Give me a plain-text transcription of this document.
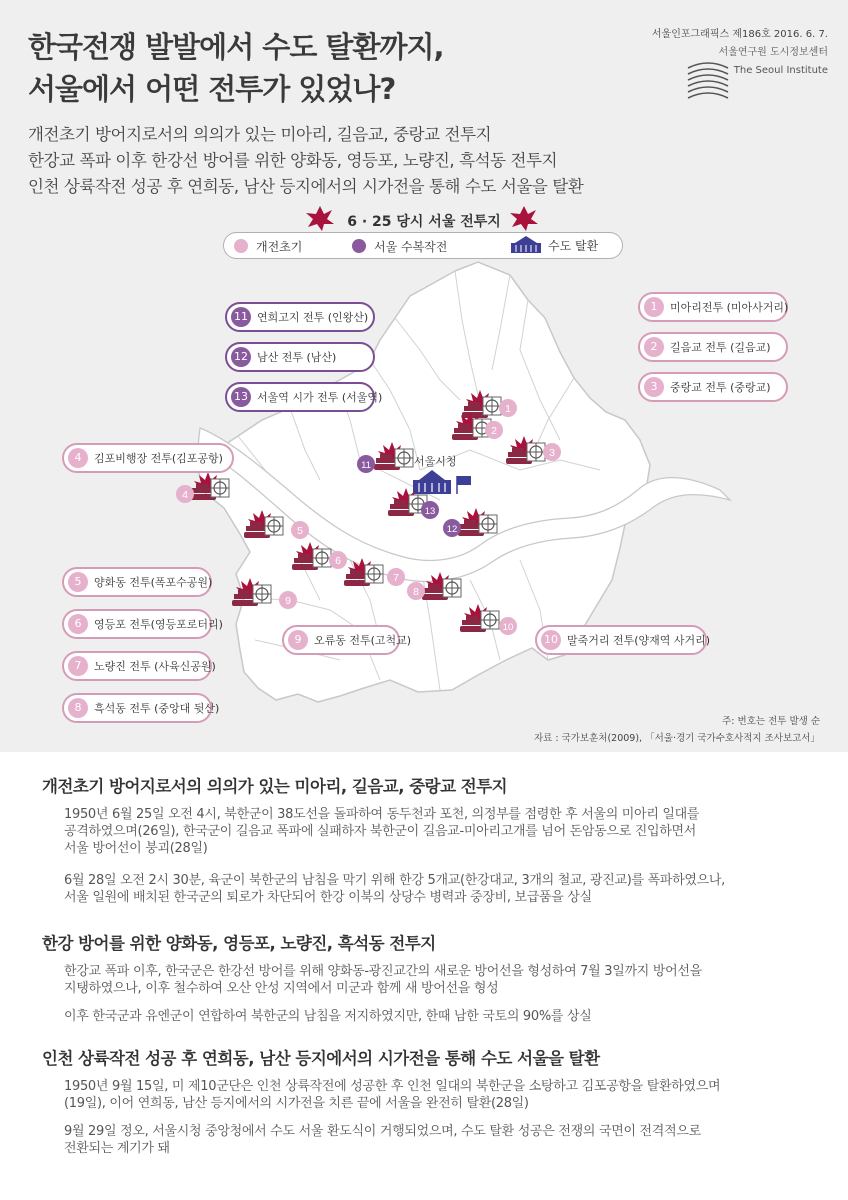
한국전쟁 발발에서 수도 탈환까지,
서울에서 어떤 전투가 있었나?
서울인포그래픽스 제186호 2016. 6. 7.
서울연구원 도시정보센터
The Seoul Institute
개전초기 방어지로서의 의의가 있는 미아리, 길음교, 중랑교 전투지
한강교 폭파 이후 한강선 방어를 위한 양화동, 영등포, 노량진, 흑석동 전투지
인천 상륙작전 성공 후 연희동, 남산 등지에서의 시가전을 통해 수도 서울을 탈환
서울시청
1
2
3
4
5
6
7
8
9
10
11
12
13
6 · 25 당시 서울 전투지
개전초기	서울 수복작전	수도 탈환
1	미아리전투 (미아사거리)
2	길음교 전투 (길음교)
3	중랑교 전투 (중랑교)
4	김포비행장 전투(김포공항)
5	양화동 전투(폭포수공원)
6	영등포 전투(영등포로터리)
7	노량진 전투 (사육신공원)
8	흑석동 전투 (중앙대 뒷산)
9	오류동 전투(고척교)	10 말죽거리 전투(양재역 사거리)
11 연희고지 전투 (인왕산)
12 남산 전투 (남산)
13 서울역 시가 전투 (서울역)
주: 번호는 전투 발생 순
자료 : 국가보훈처(2009), 「서울·경기 국가수호사적지 조사보고서」
개전초기 방어지로서의 의의가 있는 미아리, 길음교, 중랑교 전투지
1950년 6월 25일 오전 4시, 북한군이 38도선을 돌파하여 동두천과 포천, 의정부를 점령한 후 서울의 미아리 일대를
공격하였으며(26일), 한국군이 길음교 폭파에 실패하자 북한군이 길음교-미아리고개를 넘어 돈암동으로 진입하면서
서울 방어선이 붕괴(28일)
6월 28일 오전 2시 30분, 육군이 북한군의 남침을 막기 위해 한강 5개교(한강대교, 3개의 철교, 광진교)를 폭파하였으나,
서울 일원에 배치된 한국군의 퇴로가 차단되어 한강 이북의 상당수 병력과 중장비, 보급품을 상실
한강 방어를 위한 양화동, 영등포, 노량진, 흑석동 전투지
한강교 폭파 이후, 한국군은 한강선 방어를 위해 양화동-광진교간의 새로운 방어선을 형성하여 7월 3일까지 방어선을
지탱하였으나, 이후 철수하여 오산 안성 지역에서 미군과 함께 새 방어선을 형성
이후 한국군과 유엔군이 연합하여 북한군의 남침을 저지하였지만, 한때 남한 국토의 90%를 상실
인천 상륙작전 성공 후 연희동, 남산 등지에서의 시가전을 통해 수도 서울을 탈환
1950년 9월 15일, 미 제10군단은 인천 상륙작전에 성공한 후 인천 일대의 북한군을 소탕하고 김포공항을 탈환하였으며
(19일), 이어 연희동, 남산 등지에서의 시가전을 치른 끝에 서울을 완전히 탈환(28일)
9월 29일 정오, 서울시청 중앙청에서 수도 서울 환도식이 거행되었으며, 수도 탈환 성공은 전쟁의 국면이 전격적으로
전환되는 계기가 돼
